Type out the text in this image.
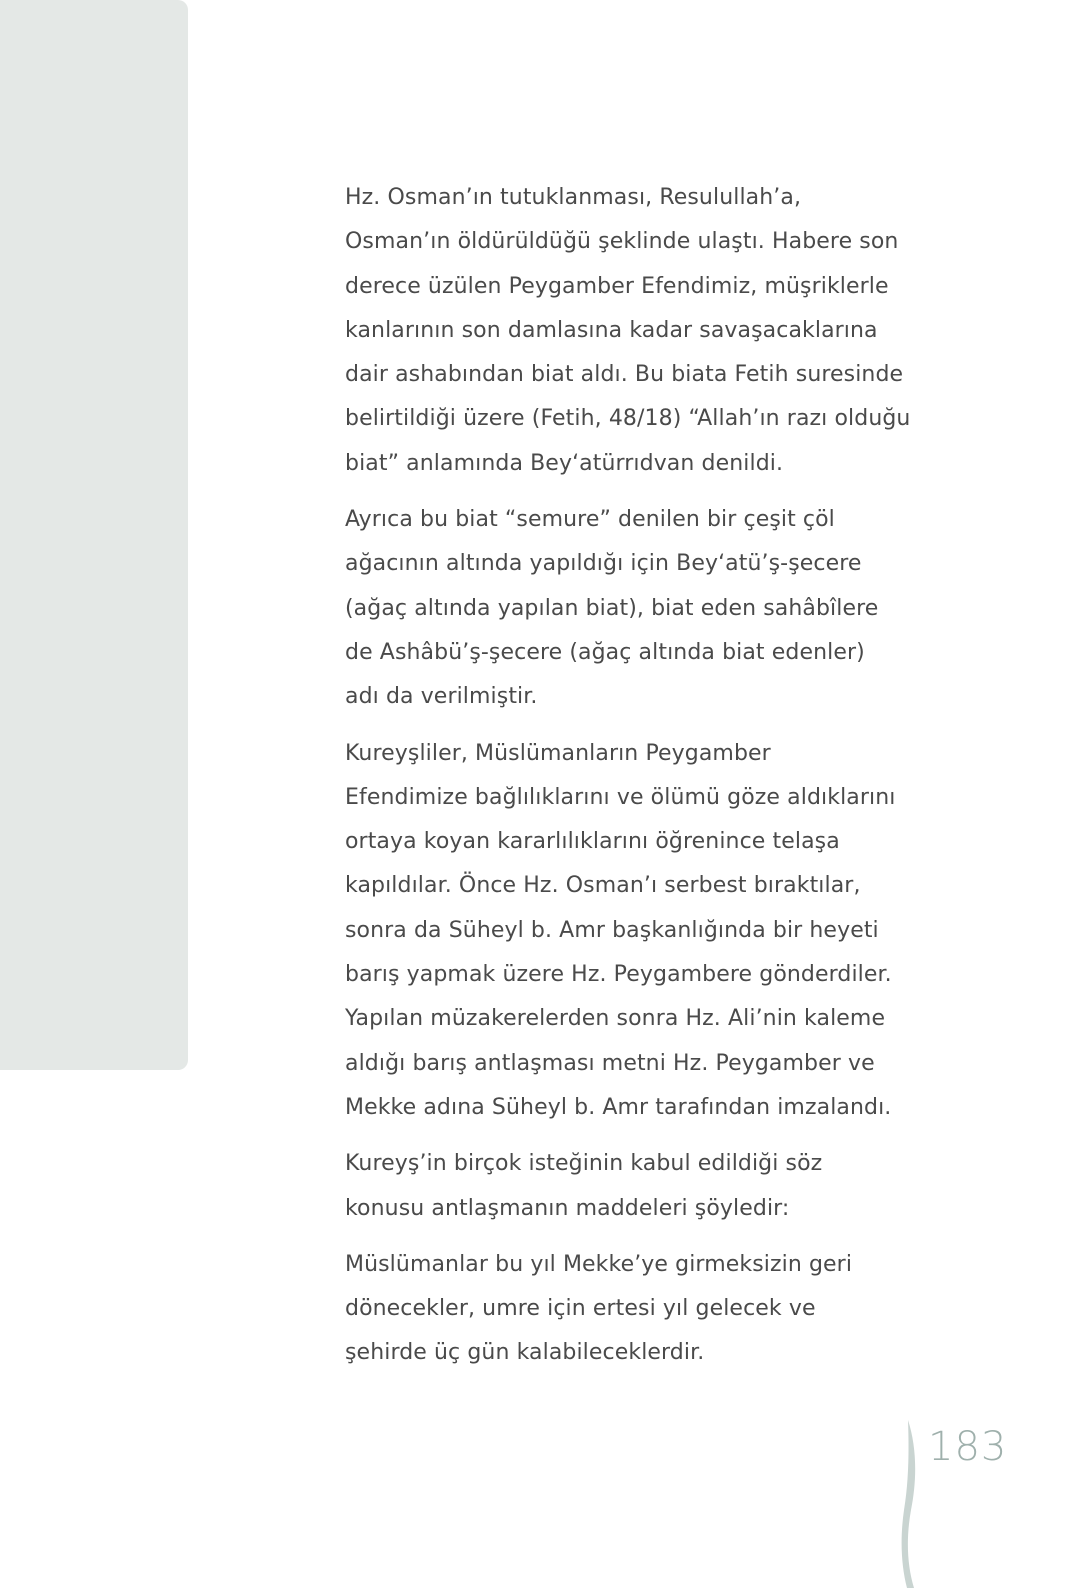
Hz. Osman’ın tutuklanması, Resulullah’a,
Osman’ın öldürüldüğü şeklinde ulaştı. Habere son
derece üzülen Peygamber Efendimiz, müşriklerle
kanlarının son damlasına kadar savaşacaklarına
dair ashabından biat aldı. Bu biata Fetih suresinde
belirtildiği üzere (Fetih, 48/18) “Allah’ın razı olduğu
biat” anlamında Bey‘atürrıdvan denildi.

Ayrıca bu biat “semure” denilen bir çeşit çöl
ağacının altında yapıldığı için Bey‘atü’ş-şecere
(ağaç altında yapılan biat), biat eden sahâbîlere
de Ashâbü’ş-şecere (ağaç altında biat edenler)
adı da verilmiştir.

Kureyşliler, Müslümanların Peygamber
Efendimize bağlılıklarını ve ölümü göze aldıklarını
ortaya koyan kararlılıklarını öğrenince telaşa
kapıldılar. Önce Hz. Osman’ı serbest bıraktılar,
sonra da Süheyl b. Amr başkanlığında bir heyeti
barış yapmak üzere Hz. Peygambere gönderdiler.
Yapılan müzakerelerden sonra Hz. Ali’nin kaleme
aldığı barış antlaşması metni Hz. Peygamber ve
Mekke adına Süheyl b. Amr tarafından imzalandı.

Kureyş’in birçok isteğinin kabul edildiği söz
konusu antlaşmanın maddeleri şöyledir:

Müslümanlar bu yıl Mekke’ye girmeksizin geri
dönecekler, umre için ertesi yıl gelecek ve
şehirde üç gün kalabileceklerdir.

183
